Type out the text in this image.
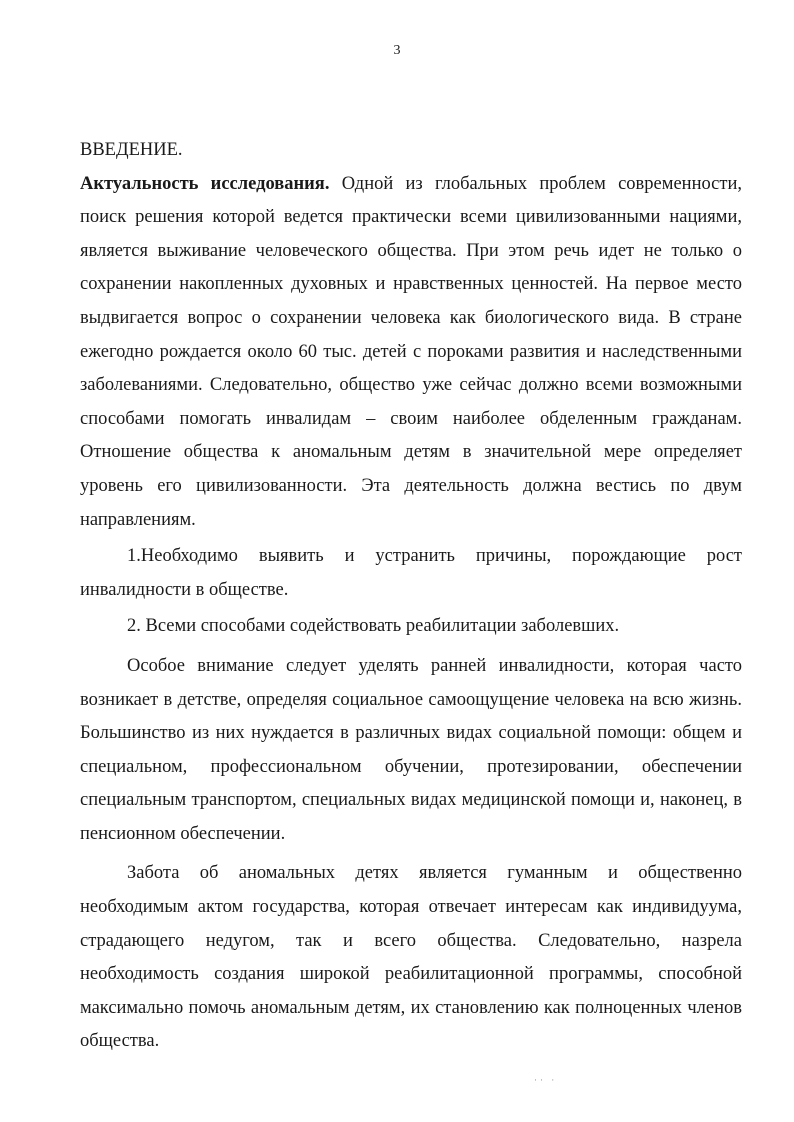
3

ВВЕДЕНИЕ.

Актуальность исследования. Одной из глобальных проблем современности, поиск решения которой ведется практически всеми цивилизованными нациями, является выживание человеческого общества. При этом речь идет не только о сохранении накопленных духовных и нравственных ценностей. На первое место выдвигается вопрос о сохранении человека как биологического вида. В стране ежегодно рождается около 60 тыс. детей с пороками развития и наследственными заболеваниями. Следовательно, общество уже сейчас должно всеми возможными способами помогать инвалидам – своим наиболее обделенным гражданам. Отношение общества к аномальным детям в значительной мере определяет уровень его цивилизованности. Эта деятельность должна вестись по двум направлениям.

1.Необходимо выявить и устранить причины, порождающие рост инвалидности в обществе.

2. Всеми способами содействовать реабилитации заболевших.

Особое внимание следует уделять ранней инвалидности, которая часто возникает в детстве, определяя социальное самоощущение человека на всю жизнь. Большинство из них нуждается в различных видах социальной помощи: общем и специальном, профессиональном обучении, протезировании, обеспечении специальным транспортом, специальных видах медицинской помощи и, наконец, в пенсионном обеспечении.

Забота об аномальных детях является гуманным и общественно необходимым актом государства, которая отвечает интересам как индивидуума, страдающего недугом, так и всего общества. Следовательно, назрела необходимость создания широкой реабилитационной программы, способной максимально помочь аномальным детям, их становлению как полноценных членов общества.

·· ·
